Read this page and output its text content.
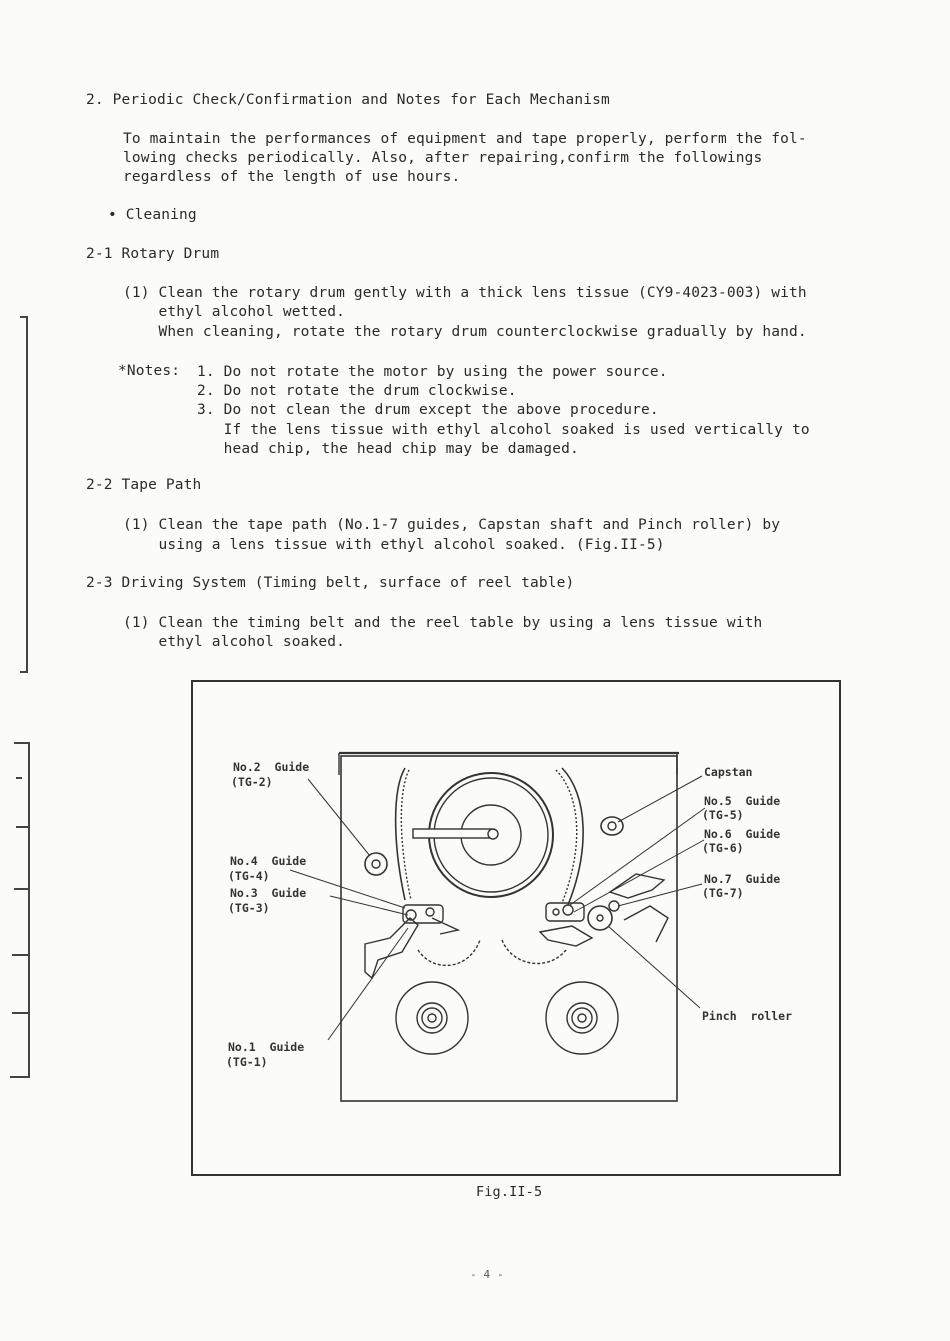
2. Periodic Check/Confirmation and Notes for Each Mechanism
To maintain the performances of equipment and tape properly, perform the fol-
lowing checks periodically. Also, after repairing,confirm the followings
regardless of the length of use hours.
• Cleaning
2-1 Rotary Drum
(1) Clean the rotary drum gently with a thick lens tissue (CY9-4023-003) with
ethyl alcohol wetted.
When cleaning, rotate the rotary drum counterclockwise gradually by hand.
*Notes: 1. Do not rotate the motor by using the power source.
2. Do not rotate the drum clockwise.
3. Do not clean the drum except the above procedure.
If the lens tissue with ethyl alcohol soaked is used vertically to
head chip, the head chip may be damaged.
2-2 Tape Path
(1) Clean the tape path (No.1-7 guides, Capstan shaft and Pinch roller) by
using a lens tissue with ethyl alcohol soaked. (Fig.II-5)
2-3 Driving System (Timing belt, surface of reel table)
(1) Clean the timing belt and the reel table by using a lens tissue with
ethyl alcohol soaked.
No.2  Guide
(TG-2)
No.4  Guide
(TG-4)
No.3  Guide
(TG-3)
No.1  Guide
(TG-1)
Capstan
No.5  Guide
(TG-5)
No.6  Guide
(TG-6)
No.7  Guide
(TG-7)
Pinch  roller
Fig.II-5
- 4 -
